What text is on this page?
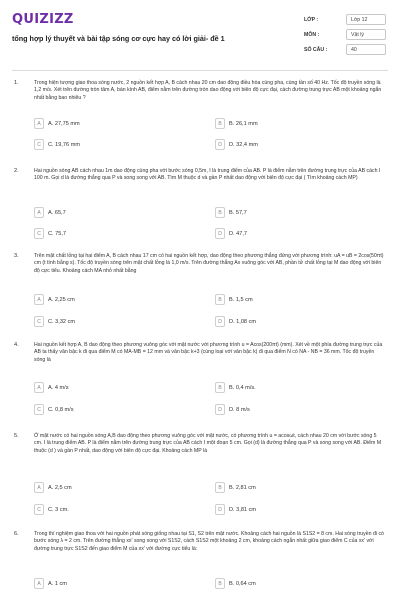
QUIZIZZ
tổng hợp lý thuyết và bài tập sóng cơ cực hay có lời giải- đề 1
LỚP :	Lớp 12
MÔN :	Vật lý
SỐ CÂU :	40
1.	Trong hiện tượng giao thoa sóng nước, 2 nguồn kết hợp A, B cách nhau 20 cm dao động điều hòa cùng pha, cùng tần số 40 Hz. Tốc độ truyền sóng là 1,2 m/s. Xét trên đường tròn tâm A, bán kính AB, điểm nằm trên đường tròn dao động với biên độ cực đại, cách đường trung trực AB một khoảng ngắn nhất bằng bao nhiêu ?
A	A. 27,75 mm	B	B. 26,1 mm
C	C. 19,76 mm	D	D. 32,4 mm
2.	Hai nguồn sóng AB cách nhau 1m dao động cùng pha với bước sóng 0,5m, I là trung điểm của AB. P là điểm nằm trên đường trung trực của AB cách I 100 m. Gọi d là đường thẳng qua P và song song với AB. Tìm M thuộc d và gần P nhất dao động với biên độ cực đại ( Tìm khoảng cách MP)
A	A. 65,7	B	B. 57,7
C	C. 75,7	D	D. 47,7
3.	Trên mặt chất lỏng tại hai điểm A, B cách nhau 17 cm có hai nguồn kết hợp, dao động theo phương thẳng đứng với phương trình: uA = uB = 2cos(50πt) cm (t tính bằng s). Tốc độ truyền sóng trên mặt chất lỏng là 1,0 m/s. Trên đường thẳng Ax vuông góc với AB, phần tử chất lỏng tại M dao động với biên độ cực tiểu. Khoảng cách MA nhỏ nhất bằng
A	A. 2,25 cm	B	B. 1,5 cm
C	C. 3,32 cm	D	D. 1,08 cm
4.	Hai nguồn kết hợp A, B dao động theo phương vuông góc với mặt nước với phương trình u = Acos(200πt) (mm). Xét về một phía đường trung trực của AB ta thấy vân bậc k đi qua điểm M có MA-MB = 12 mm và vân bậc k+3 (cùng loại với vân bậc k) đi qua điểm N có NA - NB = 36 mm. Tốc độ truyền sóng là
A	A. 4 m/s	B	B. 0,4 m/s.
C	C. 0,8 m/s	D	D. 8 m/s
5.	Ở mặt nước có hai nguồn sóng A,B dao động theo phương vuông góc với mặt nước, có phương trình u = acosωt, cách nhau 20 cm với bước sóng 5 cm. I là trung điểm AB. P là điểm nằm trên đường trung trực của AB cách I một đoạn 5 cm. Gọi (d) là đường thẳng qua P và song song với AB. Điểm M thuộc (d ) và gần P nhất, dao động với biên độ cực đại. Khoảng cách MP là
A	A. 2,5 cm	B	B. 2,81 cm
C	C. 3 cm.	D	D. 3,81 cm
6.	Trong thí nghiệm giao thoa với hai nguồn phát sóng giống nhau tại S1, S2 trên mặt nước. Khoảng cách hai nguồn là S1S2 = 8 cm. Hai sóng truyền đi có bước sóng λ = 2 cm. Trên đường thẳng xx' song song với S1S2, cách S1S2 một khoảng 2 cm, khoảng cách ngắn nhất giữa giao điểm C của xx' với đường trung trực S1S2 đến giao điểm M của xx' với đường cực tiểu là:
A	A. 1 cm	B	B. 0,64 cm
